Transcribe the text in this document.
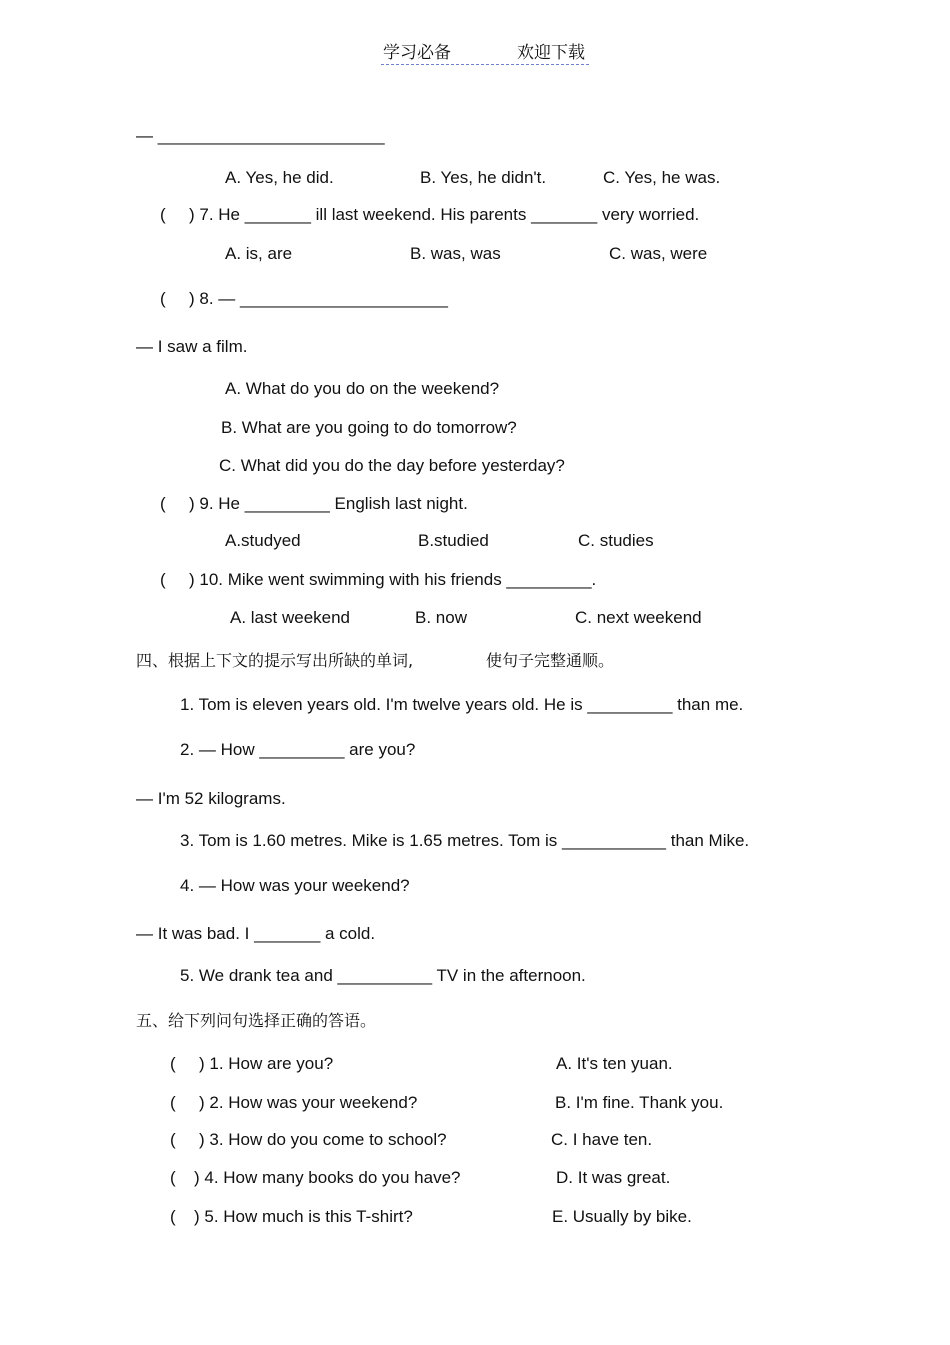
学习必备	欢迎下载
— ________________________
A. Yes, he did.	B. Yes, he didn't.	C. Yes, he was.
( ) 7. He _______ ill last weekend. His parents _______ very worried.
A. is, are	B. was, was	C. was, were
( ) 8. — ______________________
— I saw a film.
A. What do you do on the weekend?
B. What are you going to do tomorrow?
C. What did you do the day before yesterday?
( ) 9. He _________ English last night.
A.studyed	B.studied	C. studies
( ) 10. Mike went swimming with his friends _________.
A. last weekend	B. now	C. next weekend
四、根据上下文的提示写出所缺的单词,	使句子完整通顺。
1. Tom is eleven years old. I'm twelve years old. He is _________ than me.
2. — How _________ are you?
— I'm 52 kilograms.
3. Tom is 1.60 metres. Mike is 1.65 metres. Tom is ___________ than Mike.
4. — How was your weekend?
— It was bad. I _______ a cold.
5. We drank tea and __________ TV in the afternoon.
五、给下列问句选择正确的答语。
( ) 1. How are you?	A. It's ten yuan.
( ) 2. How was your weekend?	B. I'm fine. Thank you.
( ) 3. How do you come to school?	C. I have ten.
( ) 4. How many books do you have?	D. It was great.
( ) 5. How much is this T-shirt?	E. Usually by bike.
